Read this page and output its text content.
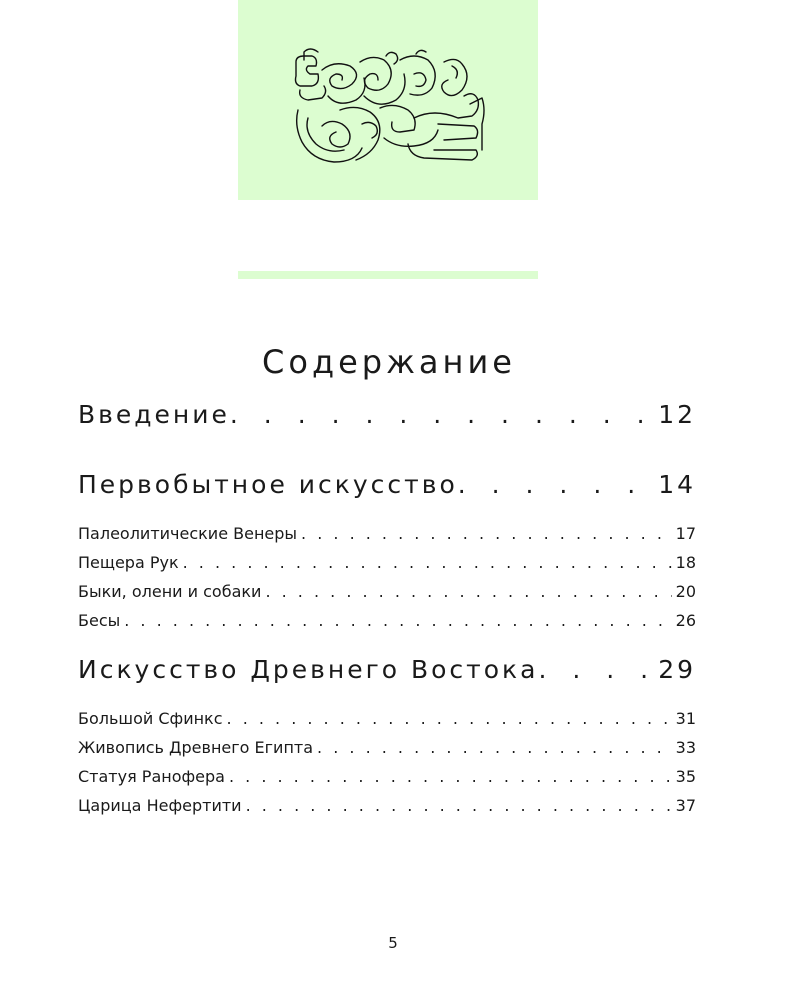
Содержание
Введение . . .	12
Первобытное искусство . . .	14
Палеолитические Венеры . . .	17
Пещера Рук . . .	18
Быки, олени и собаки . . .	20
Бесы . . .	26
Искусство Древнего Востока . . .	29
Большой Сфинкс . . .	31
Живопись Древнего Египта . . .	33
Статуя Ранофера . . .	35
Царица Нефертити . . .	37
5
